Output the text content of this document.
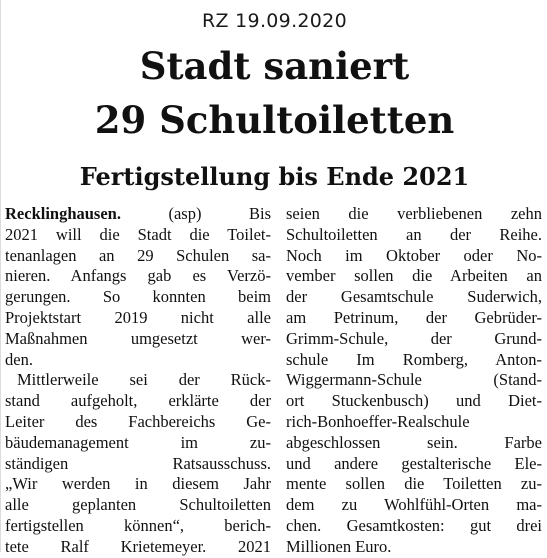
RZ 19.09.2020
Stadt saniert
29 Schultoiletten
Fertigstellung bis Ende 2021
Recklinghausen. (asp) Bis
2021 will die Stadt die Toilet-
tenanlagen an 29 Schulen sa-
nieren. Anfangs gab es Verzö-
gerungen. So konnten beim
Projektstart 2019 nicht alle
Maßnahmen umgesetzt wer-
den.
Mittlerweile sei der Rück-
stand aufgeholt, erklärte der
Leiter des Fachbereichs Ge-
bäudemanagement im zu-
ständigen Ratsausschuss.
„Wir werden in diesem Jahr
alle geplanten Schultoiletten
fertigstellen können“, berich-
tete Ralf Krietemeyer. 2021
seien die verbliebenen zehn
Schultoiletten an der Reihe.
Noch im Oktober oder No-
vember sollen die Arbeiten an
der Gesamtschule Suderwich,
am Petrinum, der Gebrüder-
Grimm-Schule, der Grund-
schule Im Romberg, Anton-
Wiggermann-Schule (Stand-
ort Stuckenbusch) und Diet-
rich-Bonhoeffer-Realschule
abgeschlossen sein. Farbe
und andere gestalterische Ele-
mente sollen die Toiletten zu-
dem zu Wohlfühl-Orten ma-
chen. Gesamtkosten: gut drei
Millionen Euro.
